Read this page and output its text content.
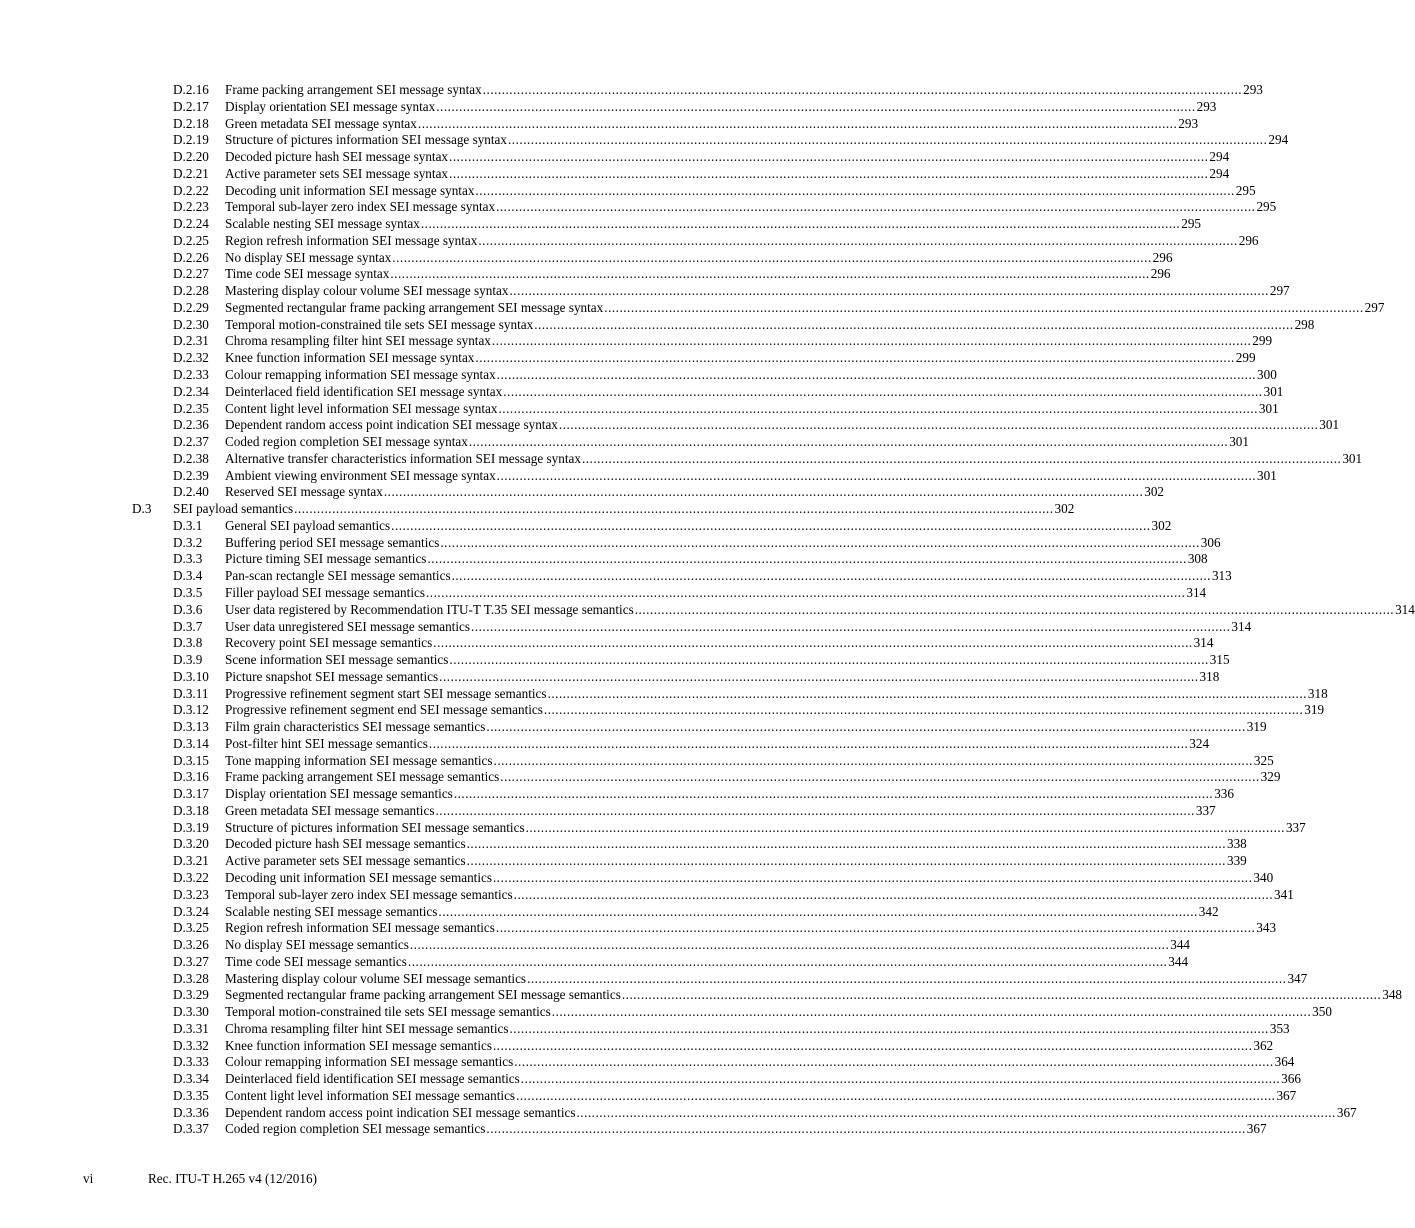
D.2.16 Frame packing arrangement SEI message syntax ........................................................................................................................................................................................................ 293
D.2.17 Display orientation SEI message syntax ........................................................................................................................................................................................................ 293
D.2.18 Green metadata SEI message syntax ........................................................................................................................................................................................................ 293
D.2.19 Structure of pictures information SEI message syntax ........................................................................................................................................................................................................ 294
D.2.20 Decoded picture hash SEI message syntax ........................................................................................................................................................................................................ 294
D.2.21 Active parameter sets SEI message syntax ........................................................................................................................................................................................................ 294
D.2.22 Decoding unit information SEI message syntax ........................................................................................................................................................................................................ 295
D.2.23 Temporal sub-layer zero index SEI message syntax ........................................................................................................................................................................................................ 295
D.2.24 Scalable nesting SEI message syntax ........................................................................................................................................................................................................ 295
D.2.25 Region refresh information SEI message syntax ........................................................................................................................................................................................................ 296
D.2.26 No display SEI message syntax ........................................................................................................................................................................................................ 296
D.2.27 Time code SEI message syntax ........................................................................................................................................................................................................ 296
D.2.28 Mastering display colour volume SEI message syntax ........................................................................................................................................................................................................ 297
D.2.29 Segmented rectangular frame packing arrangement SEI message syntax ........................................................................................................................................................................................................ 297
D.2.30 Temporal motion-constrained tile sets SEI message syntax ........................................................................................................................................................................................................ 298
D.2.31 Chroma resampling filter hint SEI message syntax ........................................................................................................................................................................................................ 299
D.2.32 Knee function information SEI message syntax ........................................................................................................................................................................................................ 299
D.2.33 Colour remapping information SEI message syntax ........................................................................................................................................................................................................ 300
D.2.34 Deinterlaced field identification SEI message syntax ........................................................................................................................................................................................................ 301
D.2.35 Content light level information SEI message syntax ........................................................................................................................................................................................................ 301
D.2.36 Dependent random access point indication SEI message syntax ........................................................................................................................................................................................................ 301
D.2.37 Coded region completion SEI message syntax ........................................................................................................................................................................................................ 301
D.2.38 Alternative transfer characteristics information SEI message syntax ........................................................................................................................................................................................................ 301
D.2.39 Ambient viewing environment SEI message syntax ........................................................................................................................................................................................................ 301
D.2.40 Reserved SEI message syntax ........................................................................................................................................................................................................ 302
D.3 SEI payload semantics ........................................................................................................................................................................................................ 302
D.3.1 General SEI payload semantics ........................................................................................................................................................................................................ 302
D.3.2 Buffering period SEI message semantics ........................................................................................................................................................................................................ 306
D.3.3 Picture timing SEI message semantics ........................................................................................................................................................................................................ 308
D.3.4 Pan-scan rectangle SEI message semantics ........................................................................................................................................................................................................ 313
D.3.5 Filler payload SEI message semantics ........................................................................................................................................................................................................ 314
D.3.6 User data registered by Recommendation ITU-T T.35 SEI message semantics ........................................................................................................................................................................................................ 314
D.3.7 User data unregistered SEI message semantics ........................................................................................................................................................................................................ 314
D.3.8 Recovery point SEI message semantics ........................................................................................................................................................................................................ 314
D.3.9 Scene information SEI message semantics ........................................................................................................................................................................................................ 315
D.3.10 Picture snapshot SEI message semantics ........................................................................................................................................................................................................ 318
D.3.11 Progressive refinement segment start SEI message semantics ........................................................................................................................................................................................................ 318
D.3.12 Progressive refinement segment end SEI message semantics ........................................................................................................................................................................................................ 319
D.3.13 Film grain characteristics SEI message semantics ........................................................................................................................................................................................................ 319
D.3.14 Post-filter hint SEI message semantics ........................................................................................................................................................................................................ 324
D.3.15 Tone mapping information SEI message semantics ........................................................................................................................................................................................................ 325
D.3.16 Frame packing arrangement SEI message semantics ........................................................................................................................................................................................................ 329
D.3.17 Display orientation SEI message semantics ........................................................................................................................................................................................................ 336
D.3.18 Green metadata SEI message semantics ........................................................................................................................................................................................................ 337
D.3.19 Structure of pictures information SEI message semantics ........................................................................................................................................................................................................ 337
D.3.20 Decoded picture hash SEI message semantics ........................................................................................................................................................................................................ 338
D.3.21 Active parameter sets SEI message semantics ........................................................................................................................................................................................................ 339
D.3.22 Decoding unit information SEI message semantics ........................................................................................................................................................................................................ 340
D.3.23 Temporal sub-layer zero index SEI message semantics ........................................................................................................................................................................................................ 341
D.3.24 Scalable nesting SEI message semantics ........................................................................................................................................................................................................ 342
D.3.25 Region refresh information SEI message semantics ........................................................................................................................................................................................................ 343
D.3.26 No display SEI message semantics ........................................................................................................................................................................................................ 344
D.3.27 Time code SEI message semantics ........................................................................................................................................................................................................ 344
D.3.28 Mastering display colour volume SEI message semantics ........................................................................................................................................................................................................ 347
D.3.29 Segmented rectangular frame packing arrangement SEI message semantics ........................................................................................................................................................................................................ 348
D.3.30 Temporal motion-constrained tile sets SEI message semantics ........................................................................................................................................................................................................ 350
D.3.31 Chroma resampling filter hint SEI message semantics ........................................................................................................................................................................................................ 353
D.3.32 Knee function information SEI message semantics ........................................................................................................................................................................................................ 362
D.3.33 Colour remapping information SEI message semantics ........................................................................................................................................................................................................ 364
D.3.34 Deinterlaced field identification SEI message semantics ........................................................................................................................................................................................................ 366
D.3.35 Content light level information SEI message semantics ........................................................................................................................................................................................................ 367
D.3.36 Dependent random access point indication SEI message semantics ........................................................................................................................................................................................................ 367
D.3.37 Coded region completion SEI message semantics ........................................................................................................................................................................................................ 367
vi	Rec. ITU-T H.265 v4 (12/2016)
